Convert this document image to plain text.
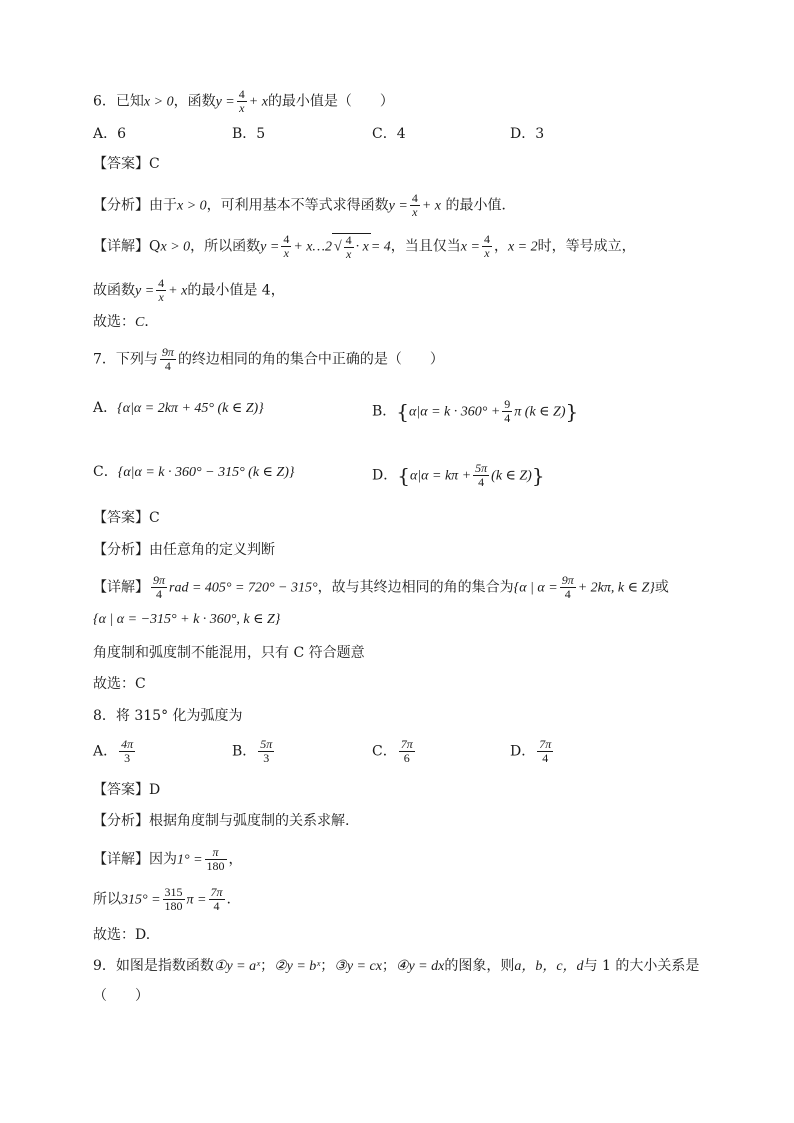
6．已知x > 0，函数$y = \frac{4}{x} + x$的最小值是（　　）
A．6	B．5	C．4	D．3
【答案】C
【分析】由于x > 0，可利用基本不等式求得函数$y = \frac{4}{x} + x$ 的最小值．
【详解】Qx > 0，所以函数$y = \frac{4}{x}$ + x…2 √ $\frac{4}{x} \cdot x = 4$，当且仅当$x = \frac{4}{x}$ ，x = 2时，等号成立，
故函数$y = \frac{4}{x} + x$的最小值是 4，
故选：C．
7．下列与 $\frac{9\pi}{4}$ 的终边相同的角的集合中正确的是（　　）
A．{α|α = 2kπ + 45° (k ∈ Z)}	B．{$\alpha|\alpha = k \cdot 360^\circ + \frac{9}{4}$ π (k ∈ Z)}
C．{α|α = k · 360° − 315° (k ∈ Z)}	D．{$\alpha|\alpha = k\pi + \frac{5\pi}{4} (k$ ∈ Z)}
【答案】C
【分析】由任意角的定义判断
【详解】 $\frac{9\pi}{4}$ rad = 405° = 720° − 315°，故与其终边相同的角的集合为{α | $\alpha = \frac{9\pi}{4} + 2k\pi$, k ∈ Z}或
{α | α = −315° + k · 360°, k ∈ Z}
角度制和弧度制不能混用，只有 C 符合题意
故选：C
8．将 315° 化为弧度为
A． $\frac{4\pi}{3}$	B． $\frac{5\pi}{3}$	C． $\frac{7\pi}{6}$	D． $\frac{7\pi}{4}$
【答案】D
【分析】根据角度制与弧度制的关系求解.
【详解】因为$1^\circ = \frac{\pi}{180}$ ，
所以$315^\circ = \frac{315}{180}$ $\pi = \frac{7\pi}{4}$ .
故选：D.
9．如图是指数函数①y = aˣ；②y = bˣ；③y = cx；④y = dx的图象，则a，b，c，d与 1 的大小关系是
（　　）
